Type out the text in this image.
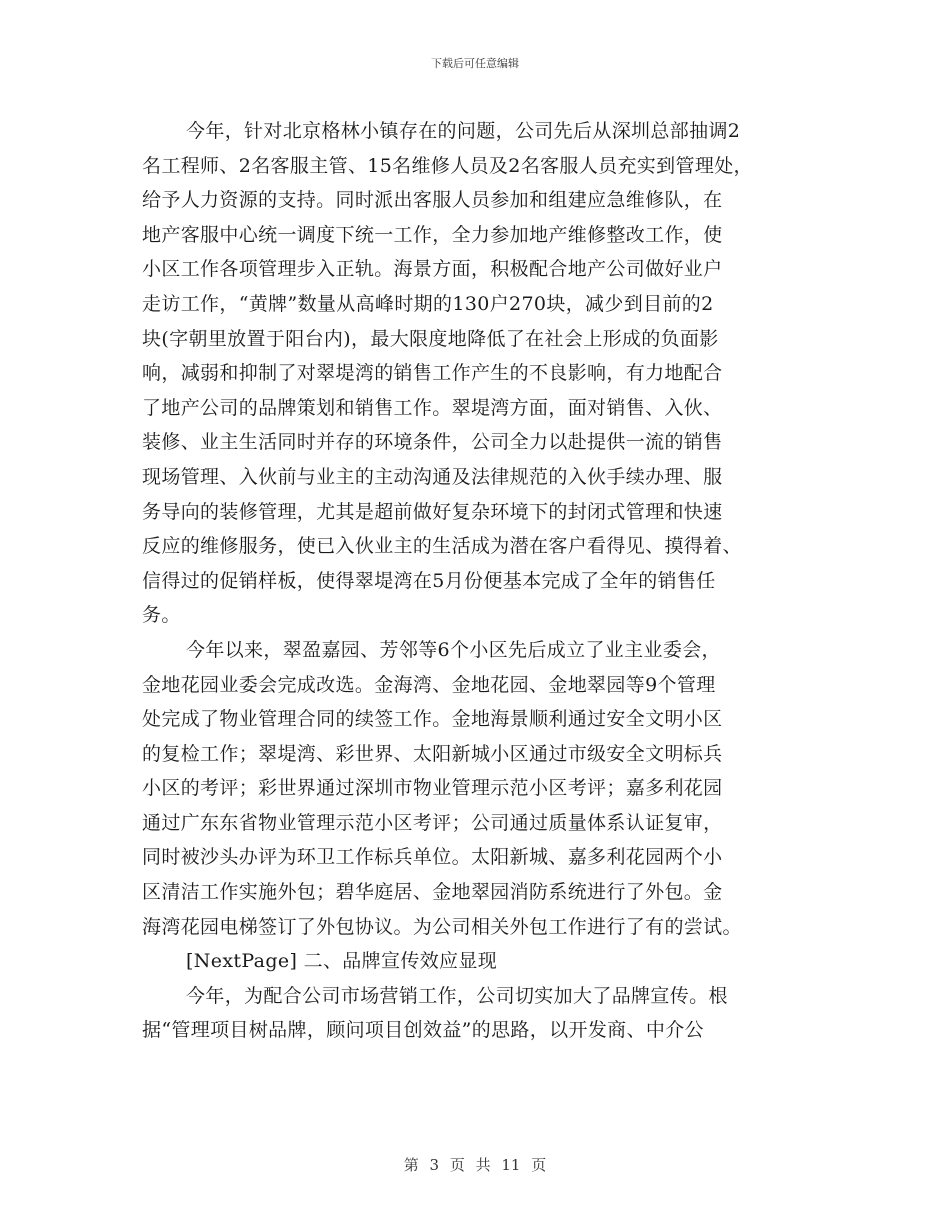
下载后可任意编辑
今年，针对北京格林小镇存在的问题，公司先后从深圳总部抽调2
名工程师、2名客服主管、15名维修人员及2名客服人员充实到管理处，
给予人力资源的支持。同时派出客服人员参加和组建应急维修队，在
地产客服中心统一调度下统一工作，全力参加地产维修整改工作，使
小区工作各项管理步入正轨。海景方面，积极配合地产公司做好业户
走访工作，“黄牌”数量从高峰时期的130户270块，减少到目前的2
块(字朝里放置于阳台内)，最大限度地降低了在社会上形成的负面影
响，减弱和抑制了对翠堤湾的销售工作产生的不良影响，有力地配合
了地产公司的品牌策划和销售工作。翠堤湾方面，面对销售、入伙、
装修、业主生活同时并存的环境条件，公司全力以赴提供一流的销售
现场管理、入伙前与业主的主动沟通及法律规范的入伙手续办理、服
务导向的装修管理，尤其是超前做好复杂环境下的封闭式管理和快速
反应的维修服务，使已入伙业主的生活成为潜在客户看得见、摸得着、
信得过的促销样板，使得翠堤湾在5月份便基本完成了全年的销售任
务。
今年以来，翠盈嘉园、芳邻等6个小区先后成立了业主业委会，
金地花园业委会完成改选。金海湾、金地花园、金地翠园等9个管理
处完成了物业管理合同的续签工作。金地海景顺利通过安全文明小区
的复检工作；翠堤湾、彩世界、太阳新城小区通过市级安全文明标兵
小区的考评；彩世界通过深圳市物业管理示范小区考评；嘉多利花园
通过广东东省物业管理示范小区考评；公司通过质量体系认证复审，
同时被沙头办评为环卫工作标兵单位。太阳新城、嘉多利花园两个小
区清洁工作实施外包；碧华庭居、金地翠园消防系统进行了外包。金
海湾花园电梯签订了外包协议。为公司相关外包工作进行了有的尝试。
[NextPage] 二、品牌宣传效应显现
今年，为配合公司市场营销工作，公司切实加大了品牌宣传。根
据“管理项目树品牌，顾问项目创效益”的思路，以开发商、中介公
第 3 页 共 11 页
